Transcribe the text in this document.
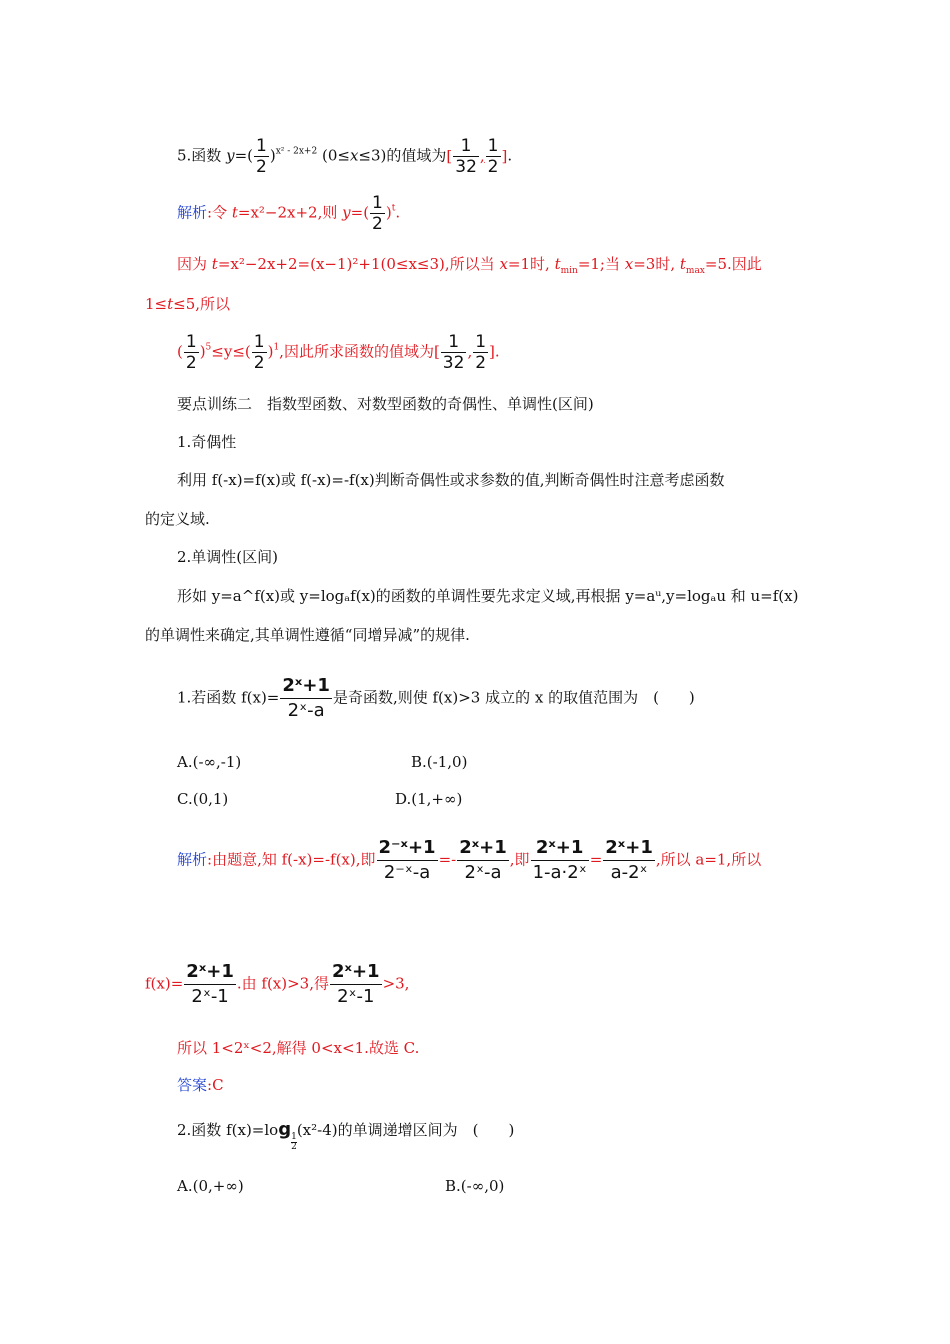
5.函数 $y=( \frac{1}{2} )^{x^2 - 2x+2}$ (0≤x≤3)的值域为[ $\frac{1}{32}$ , $\frac{1}{2}$ ].
解析:令 t=x²−2x+2,则 $y=( \frac{1}{2} )^t$.
因为 t=x²−2x+2=(x−1)²+1(0≤x≤3),所以当 x=1时, $t_{min}=1$;当 x=3时, $t_{max}=5$.因此
1≤t≤5,所以
( $\frac{1}{2} )^5\le y\le( \frac{1}{2} )^1$,因此所求函数的值域为[ $\frac{1}{32}$ , $\frac{1}{2}$ ].
要点训练二　指数型函数、对数型函数的奇偶性、单调性(区间)
1.奇偶性
利用 f(-x)=f(x)或 f(-x)=-f(x)判断奇偶性或求参数的值,判断奇偶性时注意考虑函数
的定义域.
2.单调性(区间)
形如 y=a^f(x)或 y=logₐf(x)的函数的单调性要先求定义域,再根据 y=aᵘ,y=logₐu 和 u=f(x)
的单调性来确定,其单调性遵循“同增异减”的规律.
1.若函数 $f(x)= \frac{\text{2ˣ+1}}{\text{2ˣ-a}}$ 是奇函数,则使 f(x)>3 成立的 x 的取值范围为　(　　)
A.(-∞,-1)	B.(-1,0)
C.(0,1)	D.(1,+∞)
解析:由题意,知 f(-x)=-f(x),即 $\frac{\text{2⁻ˣ+1}}{\text{2⁻ˣ-a}} =- \frac{\text{2ˣ+1}}{\text{2ˣ-a}}$ ,即 $\frac{\text{2ˣ+1}}{\text{1-a·2ˣ}} = \frac{\text{2ˣ+1}}{\text{a-2ˣ}}$ ,所以 a=1,所以
$f(x)= \frac{\text{2ˣ+1}}{\text{2ˣ-1}}$ .由 f(x)>3,得 $\frac{\text{2ˣ+1}}{\text{2ˣ-1}} >3$,
所以 1<2ˣ<2,解得 0<x<1.故选 C.
答案:C
2.函数 f(x)=log
$\frac{1}{2}$
(x²-4)的单调递增区间为　(　　)
A.(0,+∞)	B.(-∞,0)
